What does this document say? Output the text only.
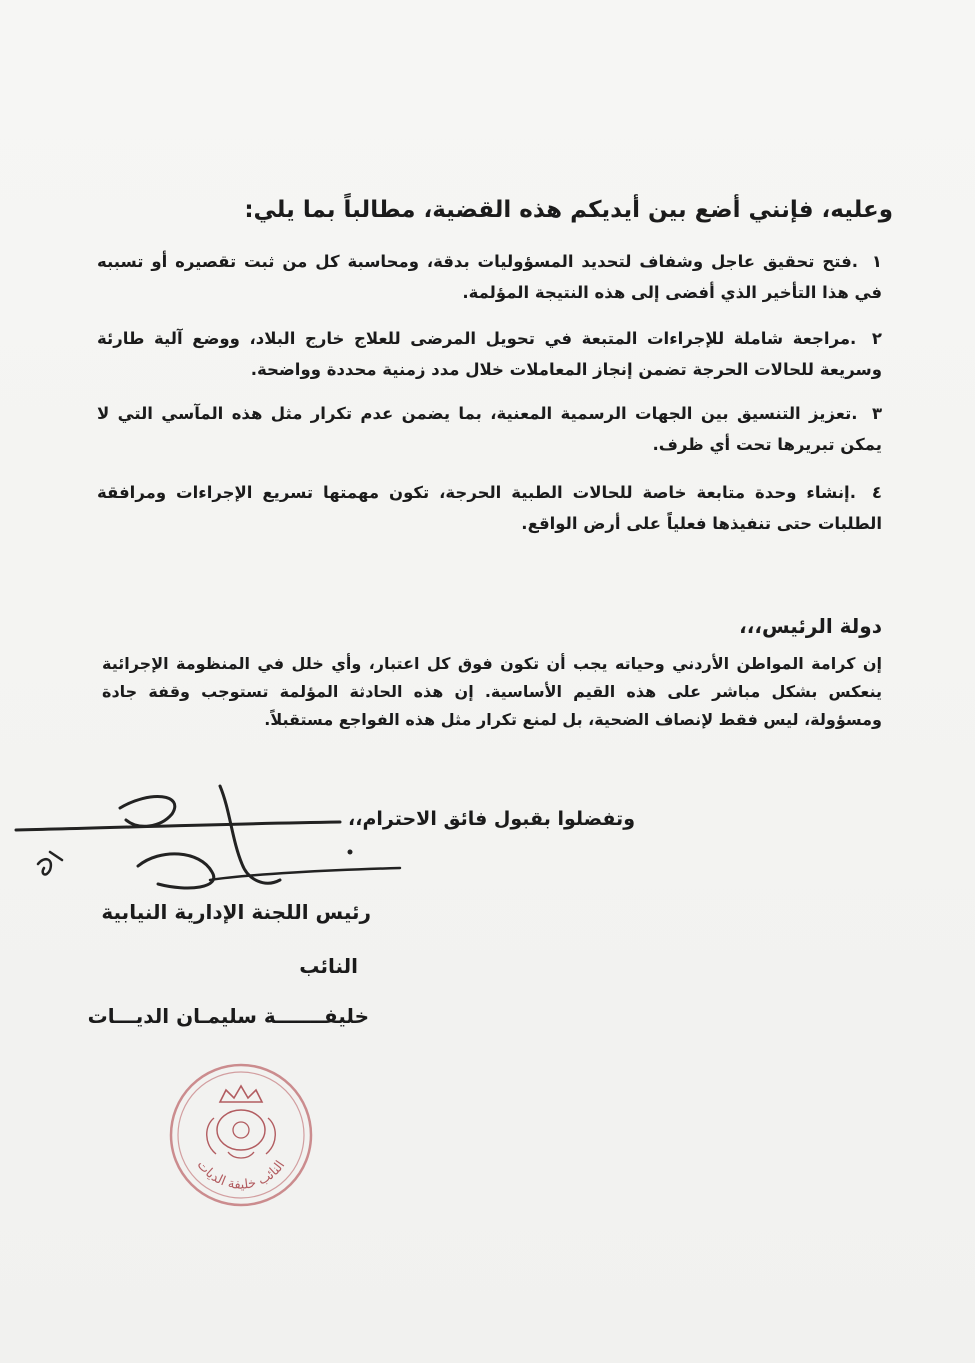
وعليه، فإنني أضع بين أيديكم هذه القضية، مطالباً بما يلي:
١ .فتح تحقيق عاجل وشفاف لتحديد المسؤوليات بدقة، ومحاسبة كل من ثبت تقصيره أو تسببه في هذا التأخير الذي أفضى إلى هذه النتيجة المؤلمة.
٢ .مراجعة شاملة للإجراءات المتبعة في تحويل المرضى للعلاج خارج البلاد، ووضع آلية طارئة وسريعة للحالات الحرجة تضمن إنجاز المعاملات خلال مدد زمنية محددة وواضحة.
٣ .تعزيز التنسيق بين الجهات الرسمية المعنية، بما يضمن عدم تكرار مثل هذه المآسي التي لا يمكن تبريرها تحت أي ظرف.
٤ .إنشاء وحدة متابعة خاصة للحالات الطبية الحرجة، تكون مهمتها تسريع الإجراءات ومرافقة الطلبات حتى تنفيذها فعلياً على أرض الواقع.
دولة الرئيس،،،
إن كرامة المواطن الأردني وحياته يجب أن تكون فوق كل اعتبار، وأي خلل في المنظومة الإجرائية ينعكس بشكل مباشر على هذه القيم الأساسية. إن هذه الحادثة المؤلمة تستوجب وقفة جادة ومسؤولة، ليس فقط لإنصاف الضحية، بل لمنع تكرار مثل هذه الفواجع مستقبلاً.
وتفضلوا بقبول فائق الاحترام،،
رئيس اللجنة الإدارية النيابية
النائب
خليفـــــــة سليمـان الديـــات
النائب خليفة الديات
